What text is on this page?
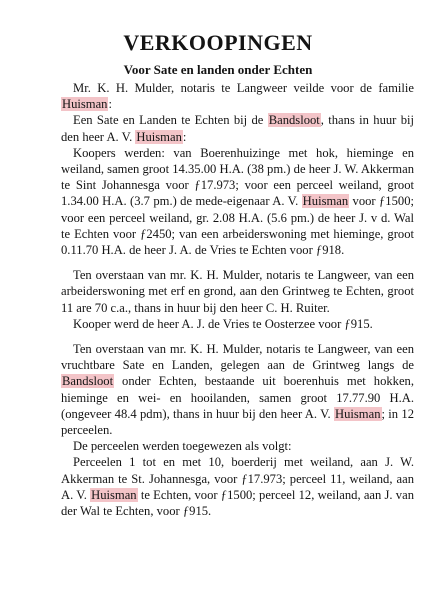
VERKOOPINGEN
Voor Sate en landen onder Echten

Mr. K. H. Mulder, notaris te Langweer veilde voor de familie Huisman:

Een Sate en Landen te Echten bij de Bandsloot, thans in huur bij den heer A. V. Huisman:

Koopers werden: van Boerenhuizinge met hok, hieminge en weiland, samen groot 14.35.00 H.A. (38 pm.) de heer J. W. Akkerman te Sint Johannesga voor ƒ17.973; voor een perceel weiland, groot 1.34.00 H.A. (3.7 pm.) de mede-eigenaar A. V. Huisman voor ƒ1500; voor een perceel weiland, gr. 2.08 H.A. (5.6 pm.) de heer J. v d. Wal te Echten voor ƒ2450; van een arbeiderswoning met hieminge, groot 0.11.70 H.A. de heer J. A. de Vries te Echten voor ƒ918.

Ten overstaan van mr. K. H. Mulder, notaris te Langweer, van een arbeiderswoning met erf en grond, aan den Grintweg te Echten, groot 11 are 70 c.a., thans in huur bij den heer C. H. Ruiter.

Kooper werd de heer A. J. de Vries te Oosterzee voor ƒ915.

Ten overstaan van mr. K. H. Mulder, notaris te Langweer, van een vruchtbare Sate en Landen, gelegen aan de Grintweg langs de Bandsloot onder Echten, bestaande uit boerenhuis met hokken, hieminge en wei- en hooilanden, samen groot 17.77.90 H.A. (ongeveer 48.4 pdm), thans in huur bij den heer A. V. Huisman; in 12 perceelen.

De perceelen werden toegewezen als volgt:

Perceelen 1 tot en met 10, boerderij met weiland, aan J. W. Akkerman te St. Johannesga, voor ƒ17.973; perceel 11, weiland, aan A. V. Huisman te Echten, voor ƒ1500; perceel 12, weiland, aan J. van der Wal te Echten, voor ƒ915.
